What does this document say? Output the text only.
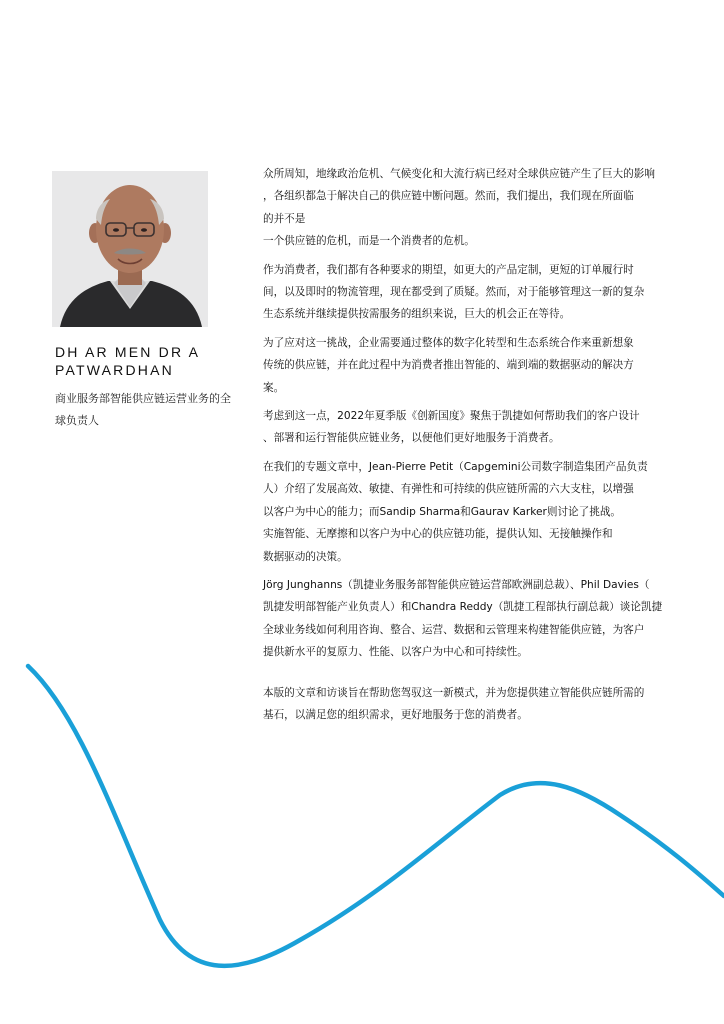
DH AR MEN DR A
PATWARDHAN

商业服务部智能供应链运营业务的全
球负责人

众所周知，地缘政治危机、气候变化和大流行病已经对全球供应链产生了巨大的影响
，各组织都急于解决自己的供应链中断问题。然而，我们提出，我们现在所面临
的并不是
一个供应链的危机，而是一个消费者的危机。

作为消费者，我们都有各种要求的期望，如更大的产品定制，更短的订单履行时
间，以及即时的物流管理，现在都受到了质疑。然而，对于能够管理这一新的复杂
生态系统并继续提供按需服务的组织来说，巨大的机会正在等待。

为了应对这一挑战，企业需要通过整体的数字化转型和生态系统合作来重新想象
传统的供应链，并在此过程中为消费者推出智能的、端到端的数据驱动的解决方
案。

考虑到这一点，2022年夏季版《创新国度》聚焦于凯捷如何帮助我们的客户设计
、部署和运行智能供应链业务，以便他们更好地服务于消费者。

在我们的专题文章中，Jean-Pierre Petit（Capgemini公司数字制造集团产品负责
人）介绍了发展高效、敏捷、有弹性和可持续的供应链所需的六大支柱，以增强
以客户为中心的能力；而Sandip Sharma和Gaurav Karker则讨论了挑战。
实施智能、无摩擦和以客户为中心的供应链功能，提供认知、无接触操作和
数据驱动的决策。

Jörg Junghanns（凯捷业务服务部智能供应链运营部欧洲副总裁）、Phil Davies（
凯捷发明部智能产业负责人）和Chandra Reddy（凯捷工程部执行副总裁）谈论凯捷
全球业务线如何利用咨询、整合、运营、数据和云管理来构建智能供应链，为客户
提供新水平的复原力、性能、以客户为中心和可持续性。

本版的文章和访谈旨在帮助您驾驭这一新模式，并为您提供建立智能供应链所需的
基石，以满足您的组织需求，更好地服务于您的消费者。
